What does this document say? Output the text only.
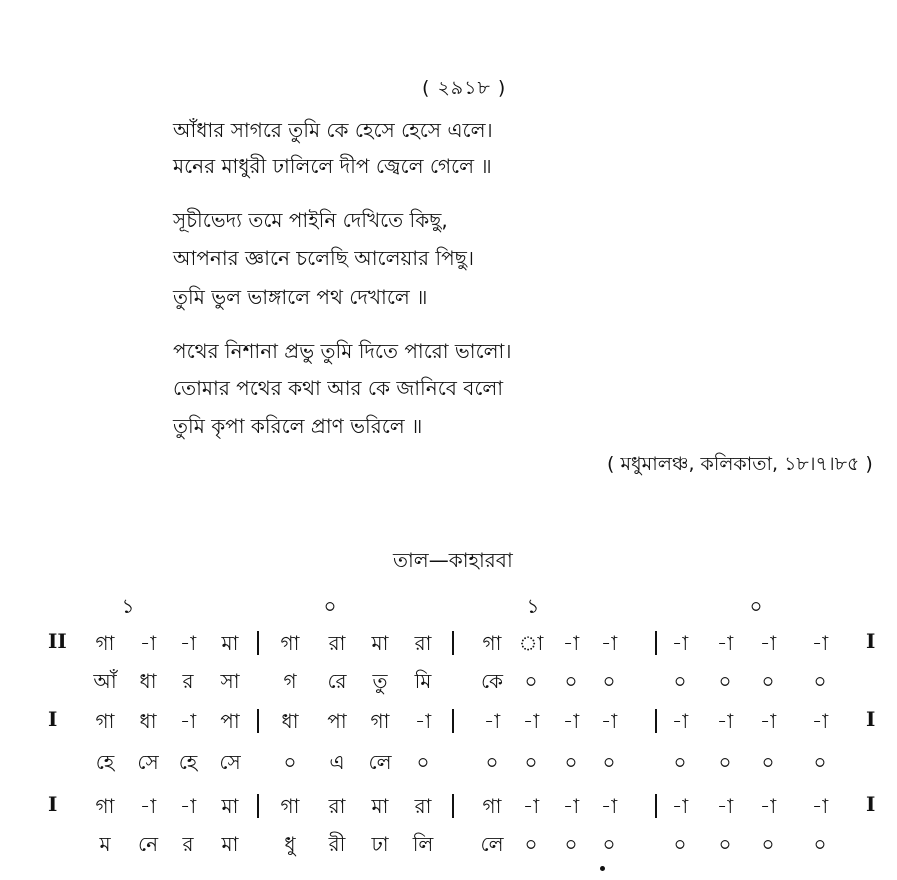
( ২৯১৮ )
আঁধার সাগরে তুমি কে হেসে হেসে এলে।
মনের মাধুরী ঢালিলে দীপ জ্বেলে গেলে ॥
সূচীভেদ্য তমে পাইনি দেখিতে কিছু,
আপনার জ্ঞানে চলেছি আলেয়ার পিছু।
তুমি ভুল ভাঙ্গালে পথ দেখালে ॥
পথের নিশানা প্রভু তুমি দিতে পারো ভালো।
তোমার পথের কথা আর কে জানিবে বলো
তুমি কৃপা করিলে প্রাণ ভরিলে ॥
( মধুমালঞ্চ, কলিকাতা, ১৮।৭।৮৫ )
তাল—কাহারবা
১	০	১	০
II	গা	-া	-া	মা	গা	রা	মা	রা	গা া -া	-া	-া	-া	-া	-া	I
আঁ	ধা	র	সা	গ	রে	তু	মি	কে	০	০	০	০	০	০	০
I	গা	ধা	-া	পা	ধা	পা	গা	-া	-া	-া	-া	-া	-া	-া	-া	-া	I
হে	সে	হে	সে	০	এ	লে	০	০	০	০	০	০	০	০	০
I	গা	-া	-া	মা	গা	রা	মা	রা	গা	-া	-া	-া	-া	-া	-া	-া	I
ম	নে	র	মা	ধু	রী	ঢা	লি	লে	০	০	০	০	০	০	০
